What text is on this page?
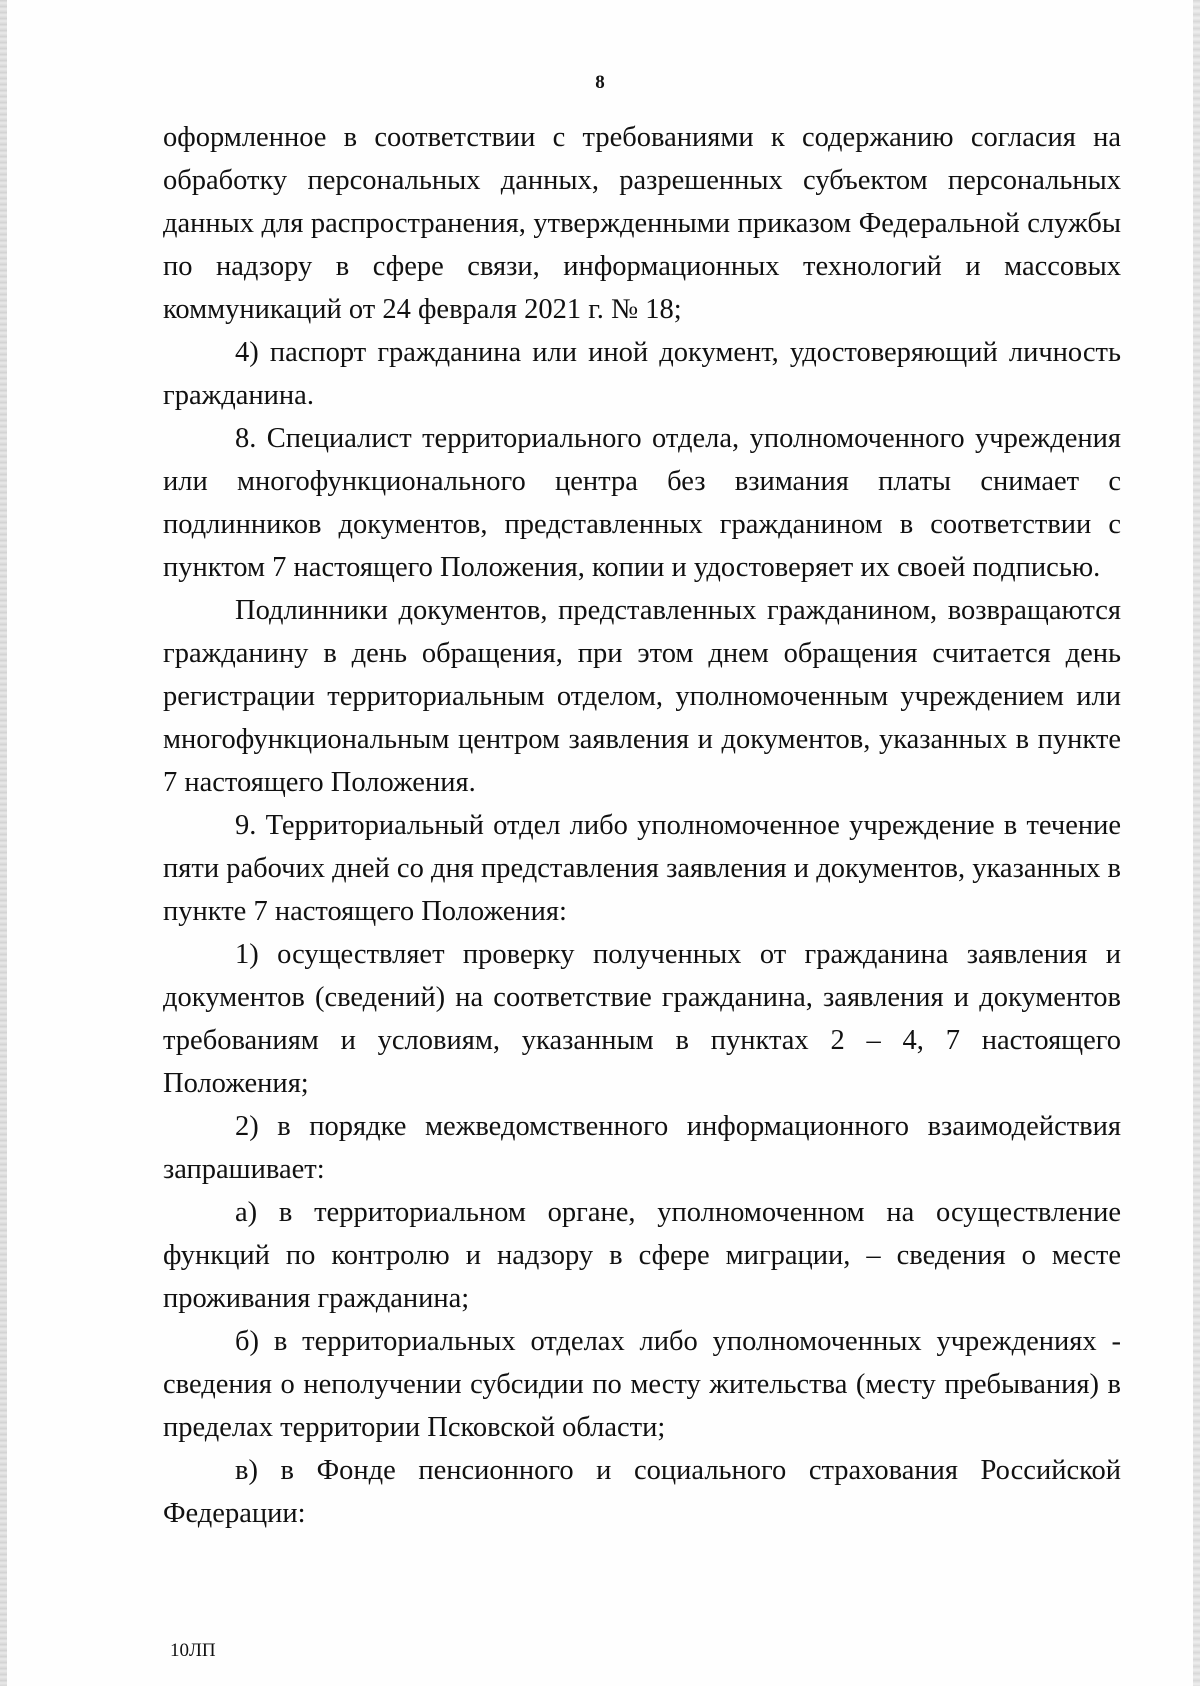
8

оформленное в соответствии с требованиями к содержанию согласия на обработку персональных данных, разрешенных субъектом персональных данных для распространения, утвержденными приказом Федеральной службы по надзору в сфере связи, информационных технологий и массовых коммуникаций от 24 февраля 2021 г. № 18;

4) паспорт гражданина или иной документ, удостоверяющий личность гражданина.

8. Специалист территориального отдела, уполномоченного учреждения или многофункционального центра без взимания платы снимает с подлинников документов, представленных гражданином в соответствии с пунктом 7 настоящего Положения, копии и удостоверяет их своей подписью.

Подлинники документов, представленных гражданином, возвращаются гражданину в день обращения, при этом днем обращения считается день регистрации территориальным отделом, уполномоченным учреждением или многофункциональным центром заявления и документов, указанных в пункте 7 настоящего Положения.

9. Территориальный отдел либо уполномоченное учреждение в течение пяти рабочих дней со дня представления заявления и документов, указанных в пункте 7 настоящего Положения:

1) осуществляет проверку полученных от гражданина заявления и документов (сведений) на соответствие гражданина, заявления и документов требованиям и условиям, указанным в пунктах 2 – 4, 7 настоящего Положения;

2) в порядке межведомственного информационного взаимодействия запрашивает:

а) в территориальном органе, уполномоченном на осуществление функций по контролю и надзору в сфере миграции, – сведения о месте проживания гражданина;

б) в территориальных отделах либо уполномоченных учреждениях - сведения о неполучении субсидии по месту жительства (месту пребывания) в пределах территории Псковской области;

в) в Фонде пенсионного и социального страхования Российской Федерации:

10ЛП
